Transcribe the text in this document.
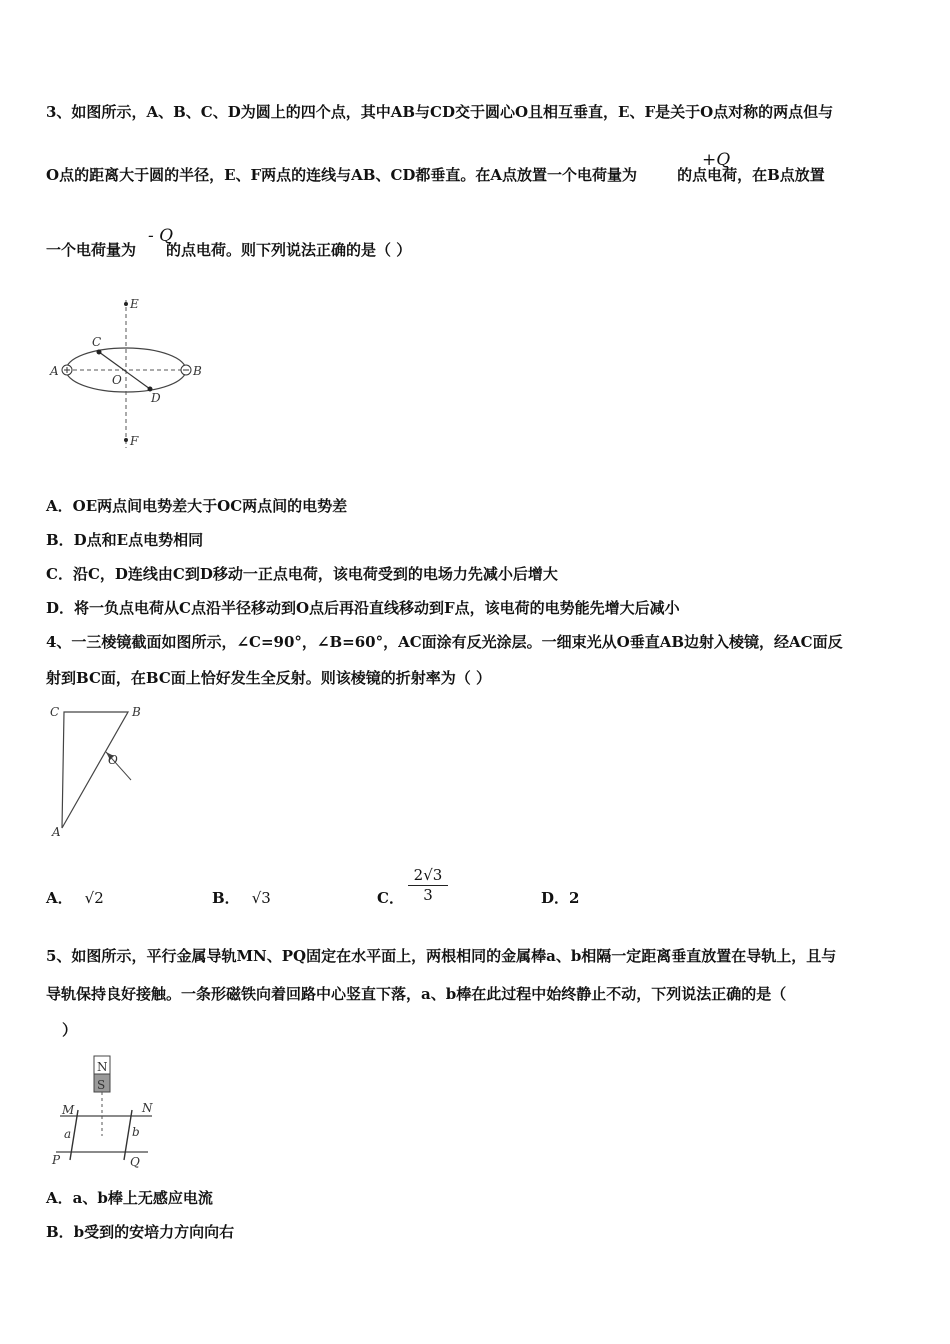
3、如图所示，A、B、C、D为圆上的四个点，其中AB与CD交于圆心O且相互垂直，E、F是关于O点对称的两点但与
O点的距离大于圆的半径，E、F两点的连线与AB、CD都垂直。在A点放置一个电荷量为	的点电荷，在B点放置
+Q
一个电荷量为 的点电荷。则下列说法正确的是（ ）
- Q
E
C
A
O
B
D
F
A．OE两点间电势差大于OC两点间的电势差
B．D点和E点电势相同
C．沿C，D连线由C到D移动一正点电荷，该电荷受到的电场力先减小后增大
D．将一负点电荷从C点沿半径移动到O点后再沿直线移动到F点，该电荷的电势能先增大后减小
4、一三棱镜截面如图所示，∠C=90°，∠B=60°，AC面涂有反光涂层。一细束光从O垂直AB边射入棱镜，经AC面反
射到BC面，在BC面上恰好发生全反射。则该棱镜的折射率为（ ）
C	B
O
A
A． √2	B． √3	C． $\frac{2√3}{3}$	D．2
5、如图所示，平行金属导轨MN、PQ固定在水平面上，两根相同的金属棒a、b相隔一定距离垂直放置在导轨上，且与
导轨保持良好接触。一条形磁铁向着回路中心竖直下落，a、b棒在此过程中始终静止不动，下列说法正确的是（
）
N
S
M	N
a	b
P	Q
A．a、b棒上无感应电流
B．b受到的安培力方向向右
